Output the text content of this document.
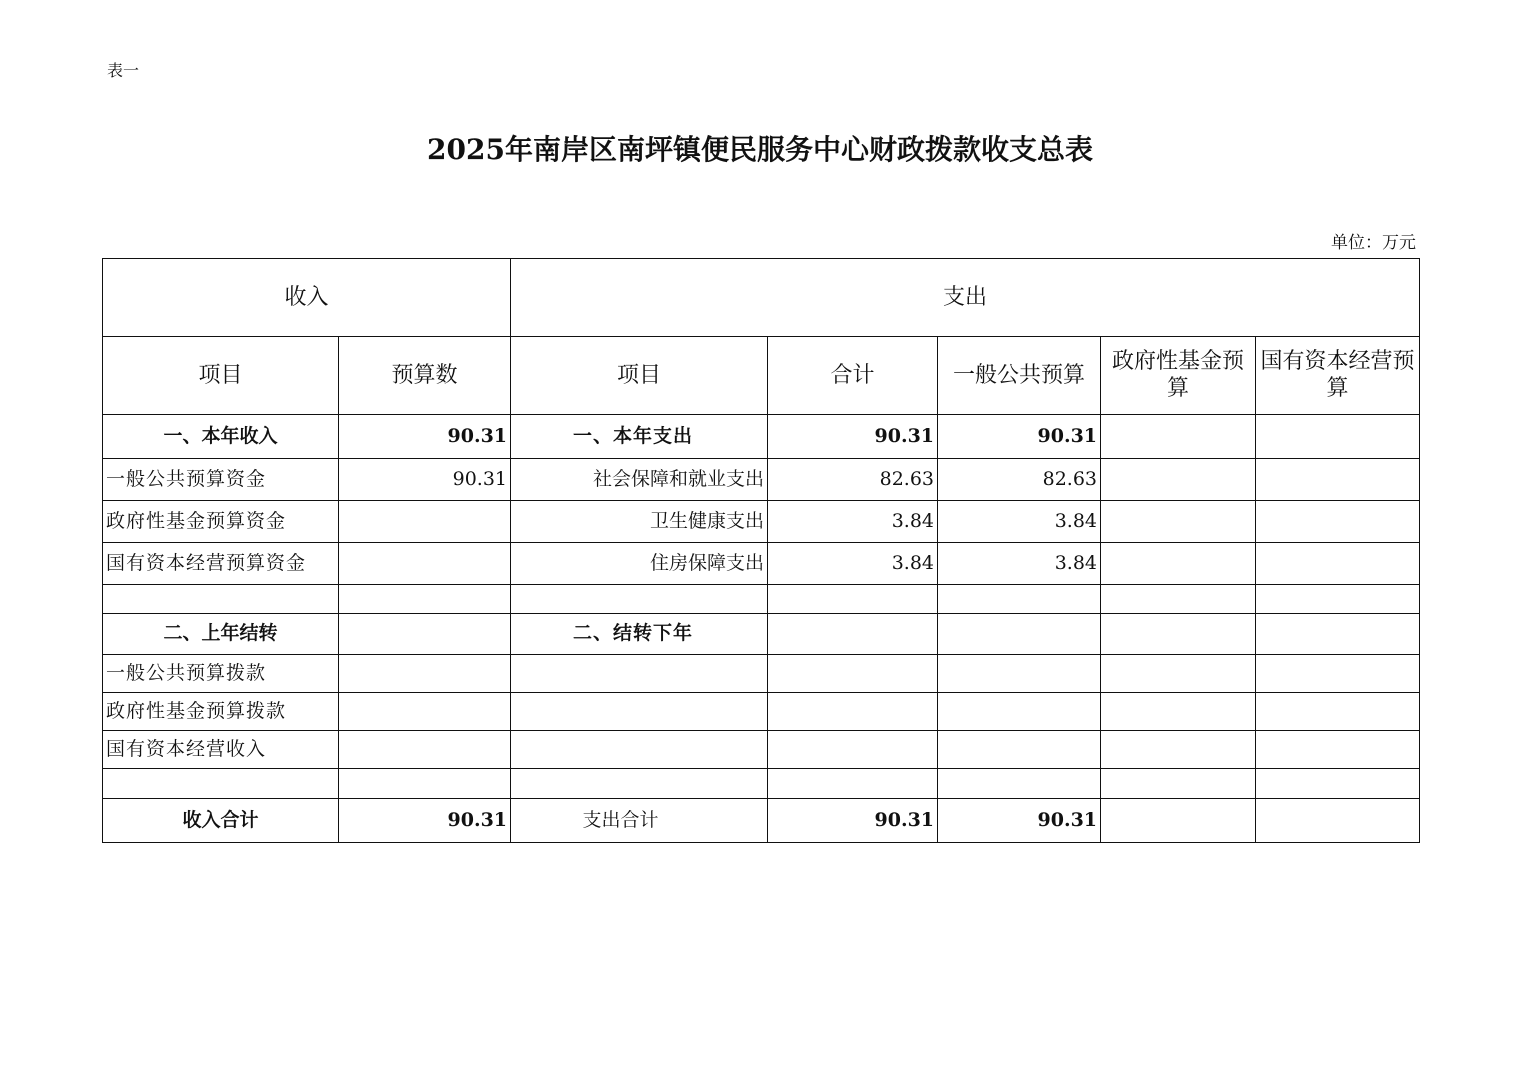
表一
2025年南岸区南坪镇便民服务中心财政拨款收支总表
单位：万元
收入		支出				
项目	预算数	项目	合计	一般公共预算	政府性基金预算	国有资本经营预算
一、本年收入	90.31	一、本年支出	90.31	90.31		
一般公共预算资金	90.31	社会保障和就业支出	82.63	82.63		
政府性基金预算资金		卫生健康支出	3.84	3.84		
国有资本经营预算资金		住房保障支出	3.84	3.84		

二、上年结转		二、结转下年				
一般公共预算拨款						
政府性基金预算拨款						
国有资本经营收入						

收入合计	90.31	支出合计	90.31	90.31		
